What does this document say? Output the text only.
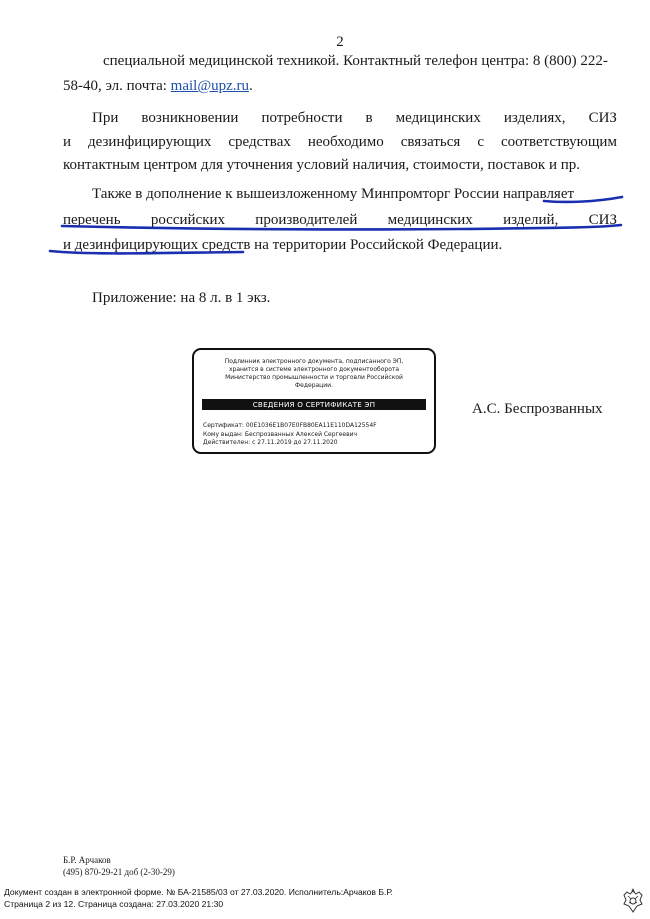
2
специальной медицинской техникой. Контактный телефон центра: 8 (800) 222-
58-40, эл. почта: mail@upz.ru.
При возникновении потребности в медицинских изделиях, СИЗ
и дезинфицирующих средствах необходимо связаться с соответствующим
контактным центром для уточнения условий наличия, стоимости, поставок и пр.
Также в дополнение к вышеизложенному Минпромторг России направляет
перечень российских производителей медицинских изделий, СИЗ
и дезинфицирующих средств на территории Российской Федерации.
Приложение: на 8 л. в 1 экз.
Подлинник электронного документа, подписанного ЭП,
хранится в системе электронного документооборота
Министерство промышленности и торговли Российской
Федерации.
СВЕДЕНИЯ О СЕРТИФИКАТЕ ЭП
Сертификат: 00E1036E1B07E0FB80EA11E110DA12554F
Кому выдан: Беспрозванных Алексей Сергеевич
Действителен: с 27.11.2019 до 27.11.2020
А.С. Беспрозванных
Б.Р. Арчаков
(495) 870-29-21 доб (2-30-29)
Документ создан в электронной форме. № БА-21585/03 от 27.03.2020. Исполнитель:Арчаков Б.Р.
Страница 2 из 12. Страница создана: 27.03.2020 21:30
